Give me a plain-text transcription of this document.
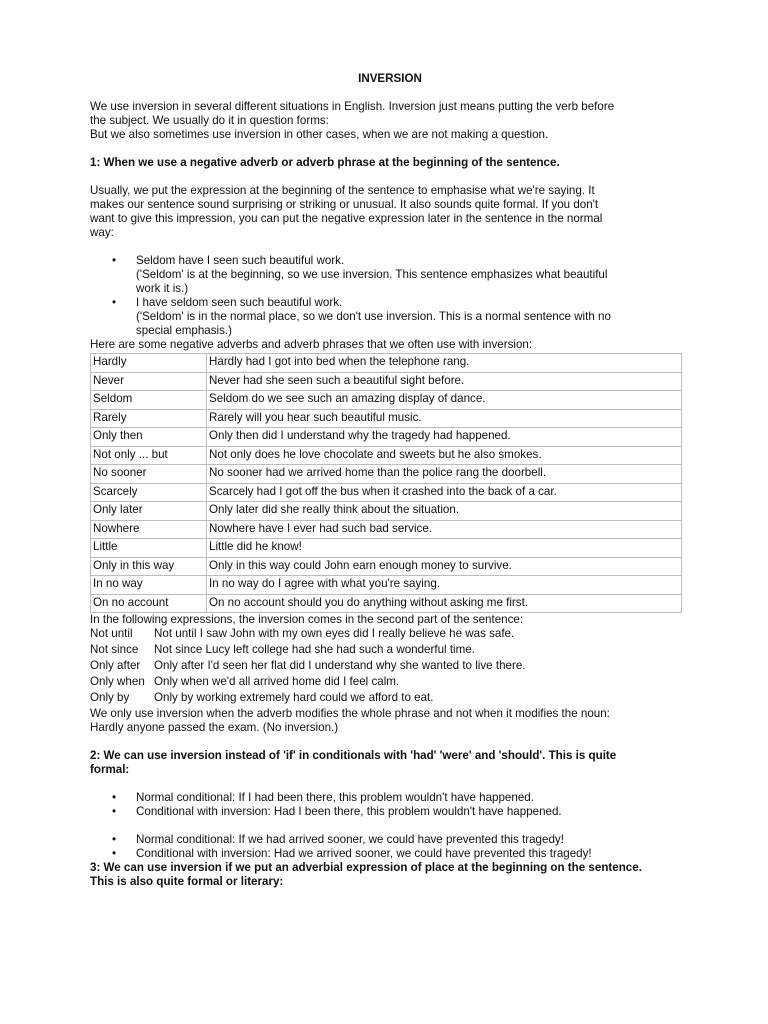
INVERSION

We use inversion in several different situations in English. Inversion just means putting the verb before

the subject. We usually do it in question forms:

But we also sometimes use inversion in other cases, when we are not making a question.

1: When we use a negative adverb or adverb phrase at the beginning of the sentence.

Usually, we put the expression at the beginning of the sentence to emphasise what we're saying. It

makes our sentence sound surprising or striking or unusual. It also sounds quite formal. If you don't

want to give this impression, you can put the negative expression later in the sentence in the normal

way:

• Seldom have I seen such beautiful work.

('Seldom' is at the beginning, so we use inversion. This sentence emphasizes what beautiful

work it is.)

• I have seldom seen such beautiful work.

('Seldom' is in the normal place, so we don't use inversion. This is a normal sentence with no

special emphasis.)

Here are some negative adverbs and adverb phrases that we often use with inversion:

Hardly	Hardly had I got into bed when the telephone rang.
Never	Never had she seen such a beautiful sight before.
Seldom	Seldom do we see such an amazing display of dance.
Rarely	Rarely will you hear such beautiful music.
Only then	Only then did I understand why the tragedy had happened.
Not only ... but	Not only does he love chocolate and sweets but he also smokes.
No sooner	No sooner had we arrived home than the police rang the doorbell.
Scarcely	Scarcely had I got off the bus when it crashed into the back of a car.
Only later	Only later did she really think about the situation.
Nowhere	Nowhere have I ever had such bad service.
Little	Little did he know!
Only in this way	Only in this way could John earn enough money to survive.
In no way	In no way do I agree with what you're saying.
On no account	On no account should you do anything without asking me first.

In the following expressions, the inversion comes in the second part of the sentence:

Not until	Not until I saw John with my own eyes did I really believe he was safe.
Not since	Not since Lucy left college had she had such a wonderful time.
Only after	Only after I'd seen her flat did I understand why she wanted to live there.
Only when Only when we'd all arrived home did I feel calm.
Only by	Only by working extremely hard could we afford to eat.

We only use inversion when the adverb modifies the whole phrase and not when it modifies the noun:

Hardly anyone passed the exam. (No inversion.)

2: We can use inversion instead of 'if' in conditionals with 'had' 'were' and 'should'. This is quite

formal:

• Normal conditional: If I had been there, this problem wouldn't have happened.

• Conditional with inversion: Had I been there, this problem wouldn't have happened.

• Normal conditional: If we had arrived sooner, we could have prevented this tragedy!

• Conditional with inversion: Had we arrived sooner, we could have prevented this tragedy!

3: We can use inversion if we put an adverbial expression of place at the beginning on the sentence.

This is also quite formal or literary:
